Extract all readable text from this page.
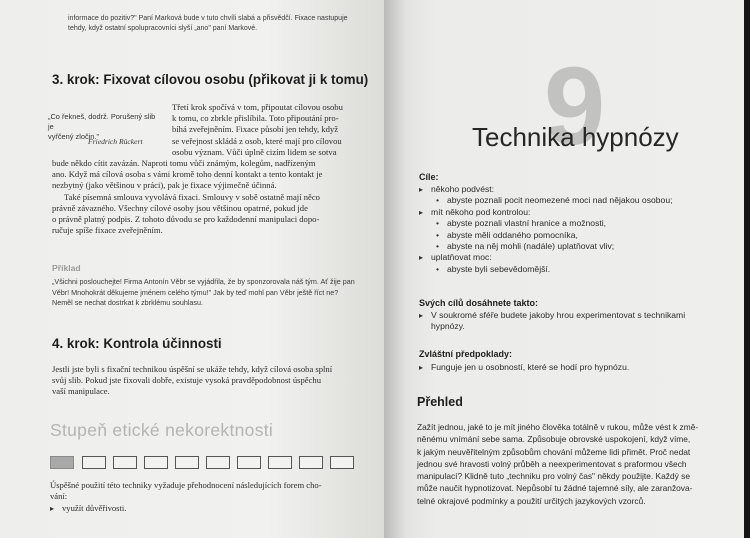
informace do pozitiv?" Paní Marková bude v tuto chvíli slabá a přisvědčí. Fixace nastupuje
tehdy, když ostatní spolupracovníci slyší „ano" paní Markové.
3. krok: Fixovat cílovou osobu (přikovat ji k tomu)
„Co řekneš, dodrž. Porušený slib je
vyřčený zločin."
Friedrich Rückert
Třetí krok spočívá v tom, připoutat cílovou osobu
k tomu, co zbrkle přislíbila. Toto připoutání pro-
bíhá zveřejněním. Fixace působí jen tehdy, když
se veřejnost skládá z osob, které mají pro cílovou
osobu význam. Vůči úplně cizím lidem se sotva
bude někdo cítit zavázán. Naproti tomu vůči známým, kolegům, nadřízeným
ano. Když má cílová osoba s vámi kromě toho denní kontakt a tento kontakt je
nezbytný (jako většinou v práci), pak je fixace výjimečně účinná.
Také písemná smlouva vyvolává fixaci. Smlouvy v sobě ostatně mají něco
právně závazného. Všechny cílové osoby jsou většinou opatrné, pokud jde
o právně platný podpis. Z tohoto důvodu se pro každodenní manipulaci dopo-
ručuje spíše fixace zveřejněním.
Příklad
„Všichni poslouchejte! Firma Antonín Věbr se vyjádřila, že by sponzorovala náš tým. Ať žije pan
Věbr! Mnohokrát děkujeme jménem celého týmu!" Jak by teď mohl pan Věbr ještě říct ne?
Neměl se nechat dostrkat k zbrklému souhlasu.
4. krok: Kontrola účinnosti
Jestli jste byli s fixační technikou úspěšní se ukáže tehdy, když cílová osoba splní
svůj slib. Pokud jste fixovali dobře, existuje vysoká pravděpodobnost úspěchu
vaší manipulace.
Stupeň etické nekorektnosti
Úspěšné použití této techniky vyžaduje přehodnocení následujících forem cho-
vání:
▸ využít důvěřivosti.
9
Technika hypnózy
Cíle:
▸ někoho podvést:
• abyste poznali pocit neomezené moci nad nějakou osobou;
▸ mít někoho pod kontrolou:
• abyste poznali vlastní hranice a možnosti,
• abyste měli oddaného pomocníka,
• abyste na něj mohli (nadále) uplatňovat vliv;
▸ uplatňovat moc:
• abyste byli sebevědomější.
Svých cílů dosáhnete takto:
▸ V soukromé sféře budete jakoby hrou experimentovat s technikami
hypnózy.
Zvláštní předpoklady:
▸ Funguje jen u osobností, které se hodí pro hypnózu.
Přehled
Zažít jednou, jaké to je mít jiného člověka totálně v rukou, může vést k změ-
něnému vnímání sebe sama. Způsobuje obrovské uspokojení, když víme,
k jakým neuvěřitelným způsobům chování můžeme lidi přimět. Proč nedat
jednou své hravosti volný průběh a neexperimentovat s praformou všech
manipulací? Klidně tuto „techniku pro volný čas" někdy použijte. Každý se
může naučit hypnotizovat. Nepůsobí tu žádné tajemné síly, ale zaranžova-
telné okrajové podmínky a použití určitých jazykových vzorců.
